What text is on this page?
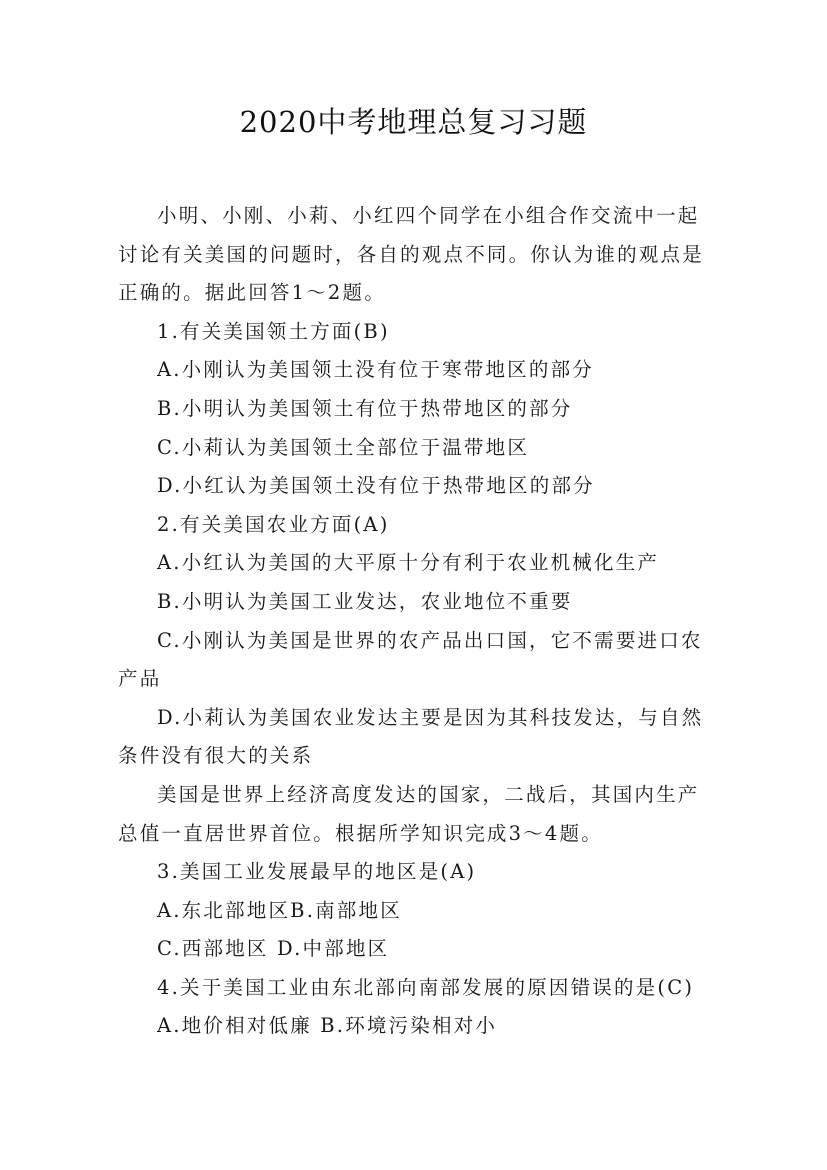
2020中考地理总复习习题

小明、小刚、小莉、小红四个同学在小组合作交流中一起讨论有关美国的问题时，各自的观点不同。你认为谁的观点是正确的。据此回答1～2题。

1.有关美国领土方面(B)

A.小刚认为美国领土没有位于寒带地区的部分

B.小明认为美国领土有位于热带地区的部分

C.小莉认为美国领土全部位于温带地区

D.小红认为美国领土没有位于热带地区的部分

2.有关美国农业方面(A)

A.小红认为美国的大平原十分有利于农业机械化生产

B.小明认为美国工业发达，农业地位不重要

C.小刚认为美国是世界的农产品出口国，它不需要进口农产品

D.小莉认为美国农业发达主要是因为其科技发达，与自然条件没有很大的关系

美国是世界上经济高度发达的国家，二战后，其国内生产总值一直居世界首位。根据所学知识完成3～4题。

3.美国工业发展最早的地区是(A)

A.东北部地区B.南部地区

C.西部地区 D.中部地区

4.关于美国工业由东北部向南部发展的原因错误的是(C)

A.地价相对低廉 B.环境污染相对小
